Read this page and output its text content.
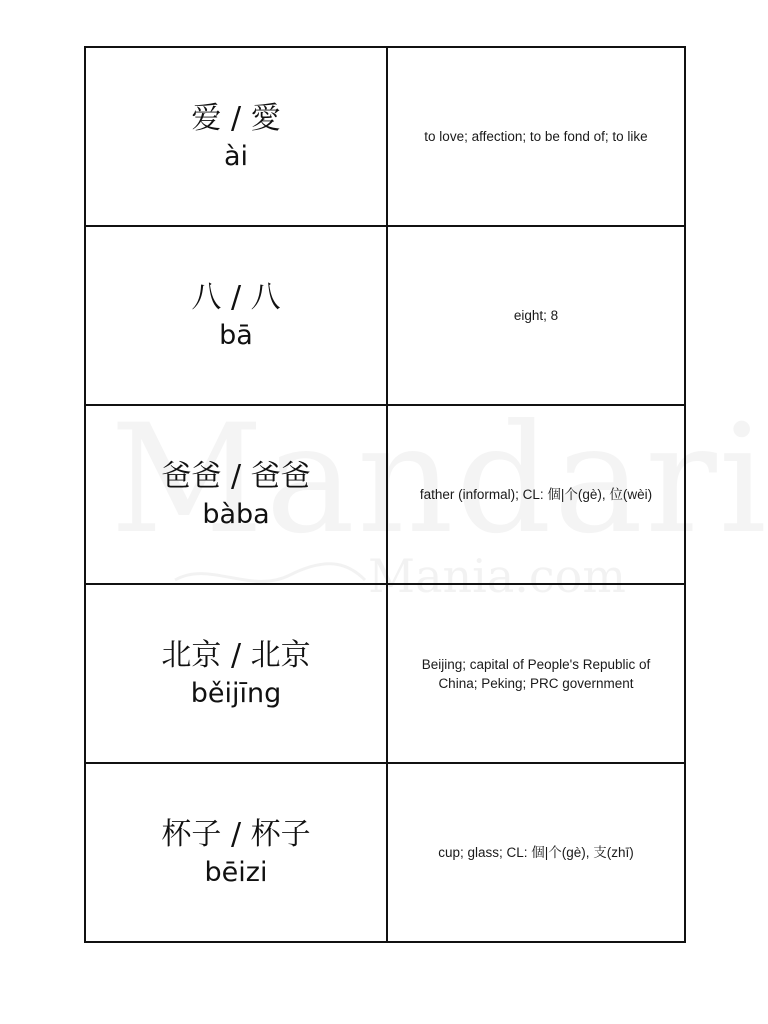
Mania.com
爱 / 愛
ài
to love; affection; to be fond of; to like
八 / 八
bā
eight; 8
爸爸 / 爸爸
bàba
father (informal); CL: 個|个(gè), 位(wèi)
北京 / 北京
běijīng
Beijing; capital of People's Republic of China; Peking; PRC government
杯子 / 杯子
bēizi
cup; glass; CL: 個|个(gè), 支(zhī)
